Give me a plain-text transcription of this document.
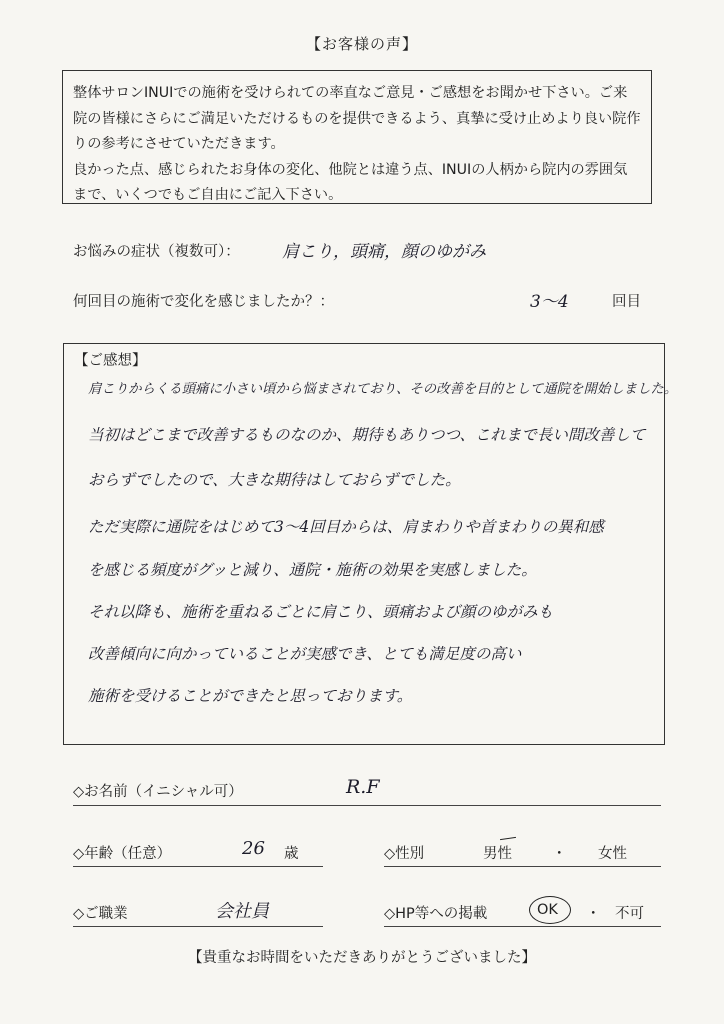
【お客様の声】

整体サロンINUIでの施術を受けられての率直なご意見・ご感想をお聞かせ下さい。ご来院の皆様にさらにご満足いただけるものを提供できるよう、真摯に受け止めより良い院作りの参考にさせていただきます。

良かった点、感じられたお身体の変化、他院とは違う点、INUIの人柄から院内の雰囲気まで、いくつでもご自由にご記入下さい。

お悩みの症状（複数可）： 肩こり，頭痛，顔のゆがみ
何回目の施術で変化を感じましたか？：	3～4	回目
【ご感想】
肩こりからくる頭痛に小さい頃から悩まされており、その改善を目的として通院を開始しました。
当初はどこまで改善するものなのか、期待もありつつ、これまで長い間改善して
おらずでしたので、大きな期待はしておらずでした。
ただ実際に通院をはじめて3～4回目からは、肩まわりや首まわりの異和感
を感じる頻度がグッと減り、通院・施術の効果を実感しました。
それ以降も、施術を重ねるごとに肩こり、頭痛および顔のゆがみも
改善傾向に向かっていることが実感でき、とても満足度の高い
施術を受けることができたと思っております。
◇お名前（イニシャル可）	R.F
◇年齢（任意）	26 歳	◇性別	男性	・ 女性
◇ご職業	会社員	◇HP等への掲載	OK ・ 不可
【貴重なお時間をいただきありがとうございました】
